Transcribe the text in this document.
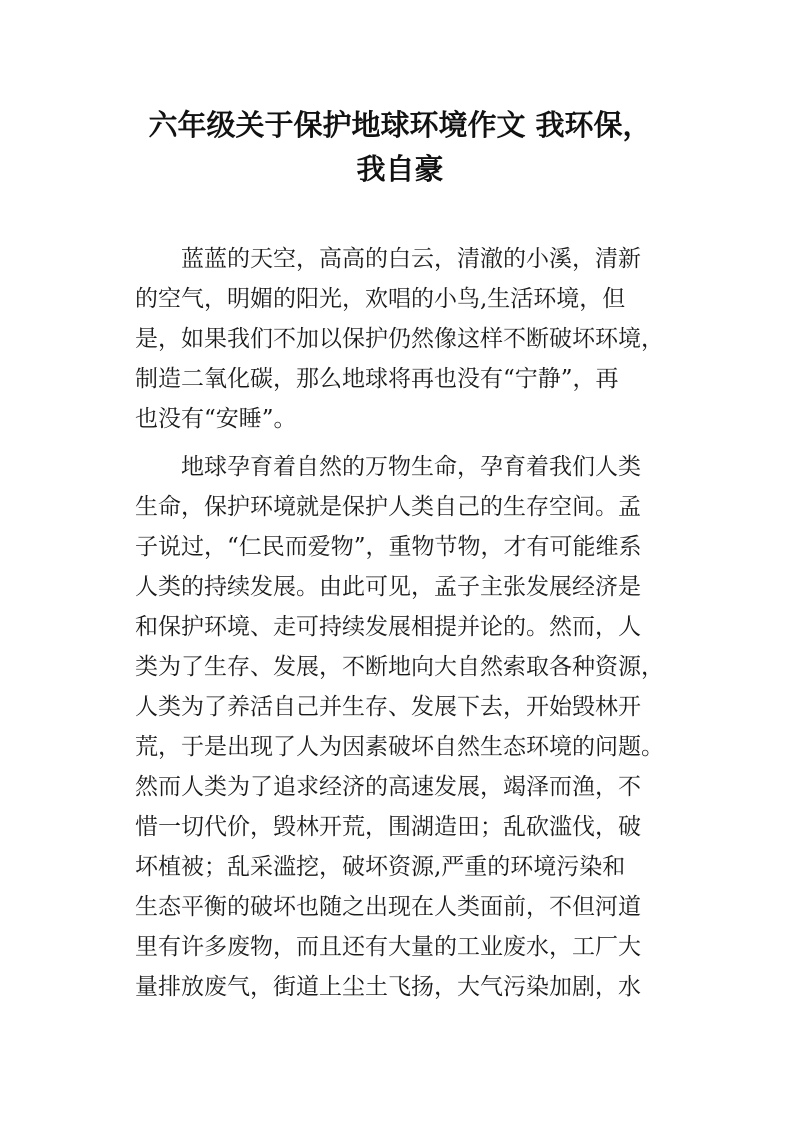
六年级关于保护地球环境作文 我环保，
我自豪

蓝蓝的天空，高高的白云，清澈的小溪，清新

的空气，明媚的阳光，欢唱的小鸟,生活环境，但

是，如果我们不加以保护仍然像这样不断破坏环境，

制造二氧化碳，那么地球将再也没有“宁静”，再

也没有“安睡”。

地球孕育着自然的万物生命，孕育着我们人类

生命，保护环境就是保护人类自己的生存空间。孟

子说过，“仁民而爱物”，重物节物，才有可能维系

人类的持续发展。由此可见，孟子主张发展经济是

和保护环境、走可持续发展相提并论的。然而，人

类为了生存、发展，不断地向大自然索取各种资源，

人类为了养活自己并生存、发展下去，开始毁林开

荒，于是出现了人为因素破坏自然生态环境的问题。

然而人类为了追求经济的高速发展，竭泽而渔，不

惜一切代价，毁林开荒，围湖造田；乱砍滥伐，破

坏植被；乱采滥挖，破坏资源,严重的环境污染和

生态平衡的破坏也随之出现在人类面前，不但河道

里有许多废物，而且还有大量的工业废水，工厂大

量排放废气，街道上尘土飞扬，大气污染加剧，水
